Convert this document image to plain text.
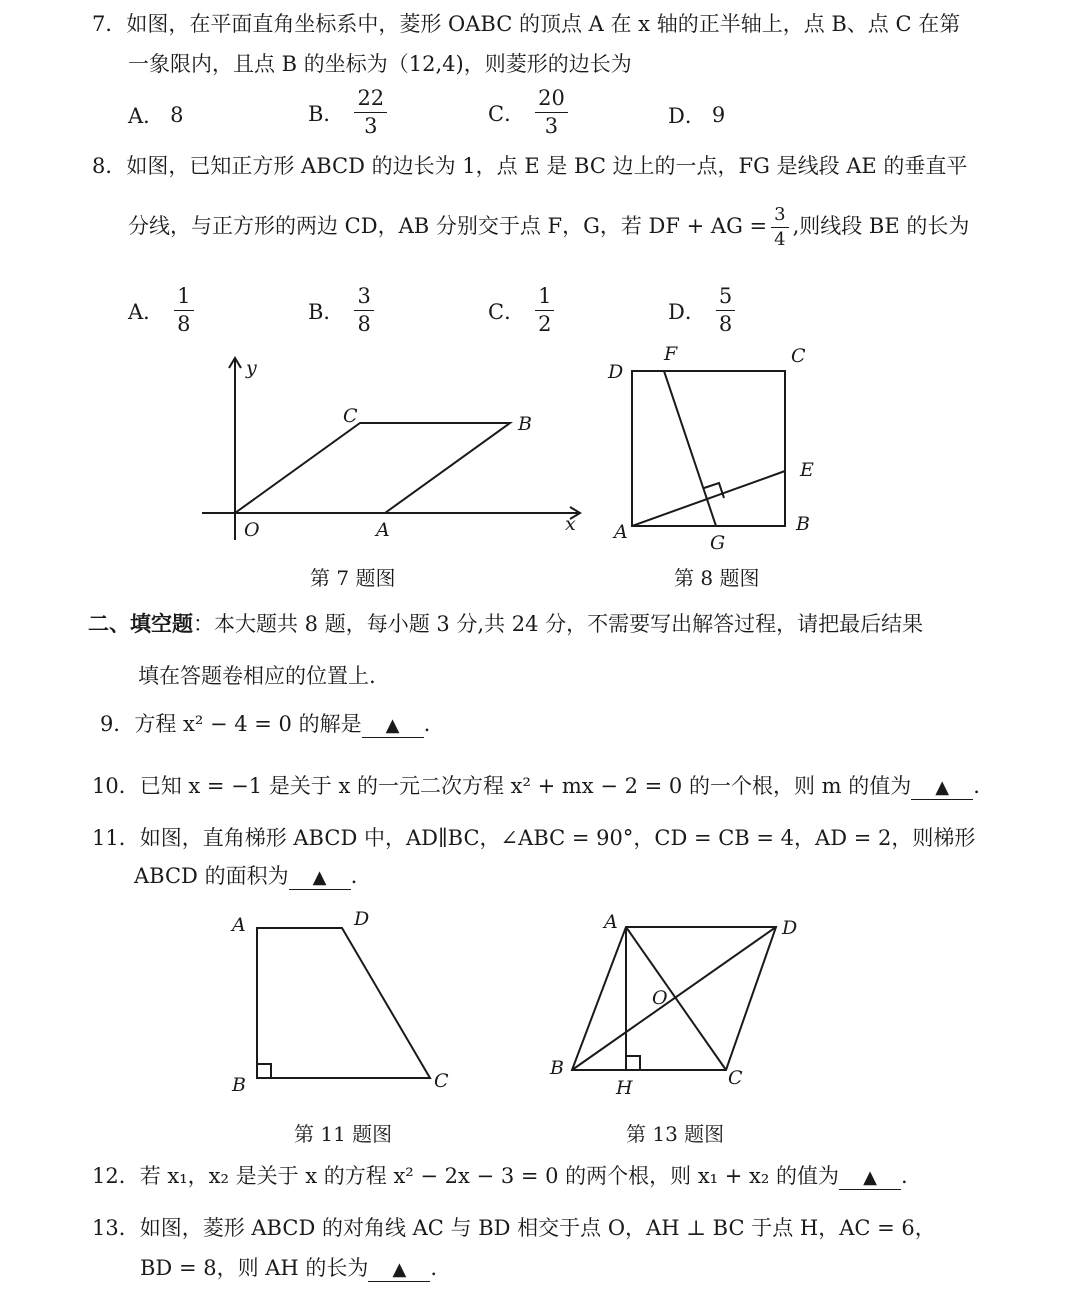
7．如图，在平面直角坐标系中，菱形 OABC 的顶点 A 在 x 轴的正半轴上，点 B、点 C 在第
一象限内，且点 B 的坐标为（12,4)，则菱形的边长为
A． 8	B． $\frac{22}{3}$	C． $\frac{20}{3}$	D． 9
8．如图，已知正方形 ABCD 的边长为 1，点 E 是 BC 边上的一点，FG 是线段 AE 的垂直平
分线，与正方形的两边 CD，AB 分别交于点 F，G，若 DF + AG = $\frac{3}{4}$ ,则线段 BE 的长为
A． $\frac{1}{8}$	B． $\frac{3}{8}$	C． $\frac{1}{2}$	D． $\frac{5}{8}$
y
x
O	A
B
C
第 7 题图
D
F	C
E
A	G
B
第 8 题图
二、填空题：本大题共 8 题，每小题 3 分,共 24 分，不需要写出解答过程，请把最后结果
填在答题卷相应的位置上.
9．方程 x² − 4 = 0 的解是 ▲ .
10．已知 x = −1 是关于 x 的一元二次方程 x² + mx − 2 = 0 的一个根，则 m 的值为 ▲ .
11．如图，直角梯形 ABCD 中，AD∥BC，∠ABC = 90°，CD = CB = 4，AD = 2，则梯形
ABCD 的面积为 ▲ .
A	D
B	C
第 11 题图
A	D
O
B
H	C
第 13 题图
12．若 x₁，x₂ 是关于 x 的方程 x² − 2x − 3 = 0 的两个根，则 x₁ + x₂ 的值为 ▲ .
13．如图，菱形 ABCD 的对角线 AC 与 BD 相交于点 O，AH ⊥ BC 于点 H，AC = 6，
BD = 8，则 AH 的长为 ▲ .
